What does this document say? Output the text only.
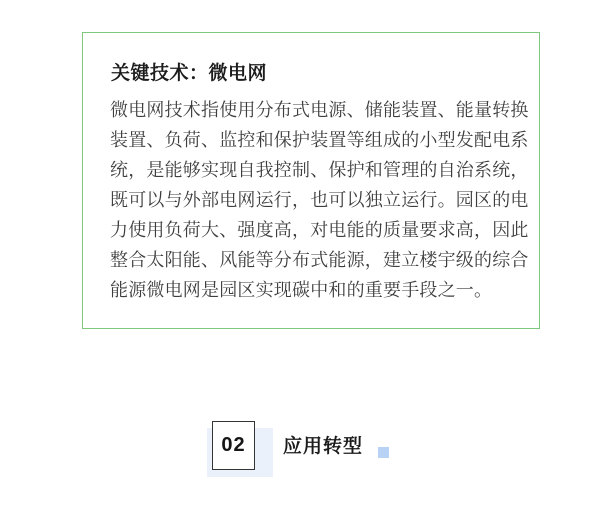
关键技术：微电网
微电网技术指使用分布式电源、储能装置、能量转换
装置、负荷、监控和保护装置等组成的小型发配电系
统，是能够实现自我控制、保护和管理的自治系统，
既可以与外部电网运行，也可以独立运行。园区的电
力使用负荷大、强度高，对电能的质量要求高，因此
整合太阳能、风能等分布式能源，建立楼宇级的综合
能源微电网是园区实现碳中和的重要手段之一。
02 应用转型
